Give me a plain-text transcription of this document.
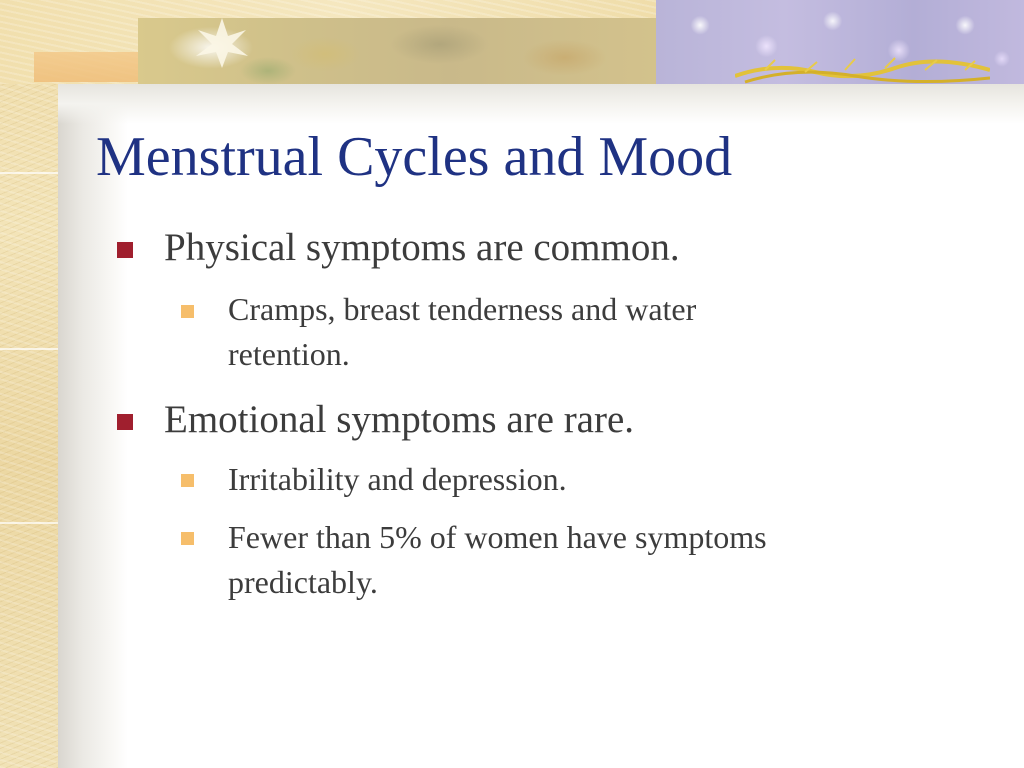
Menstrual Cycles and Mood
Physical symptoms are common.
Cramps, breast tenderness and water retention.
Emotional symptoms are rare.
Irritability and depression.
Fewer than 5% of women have symptoms predictably.
